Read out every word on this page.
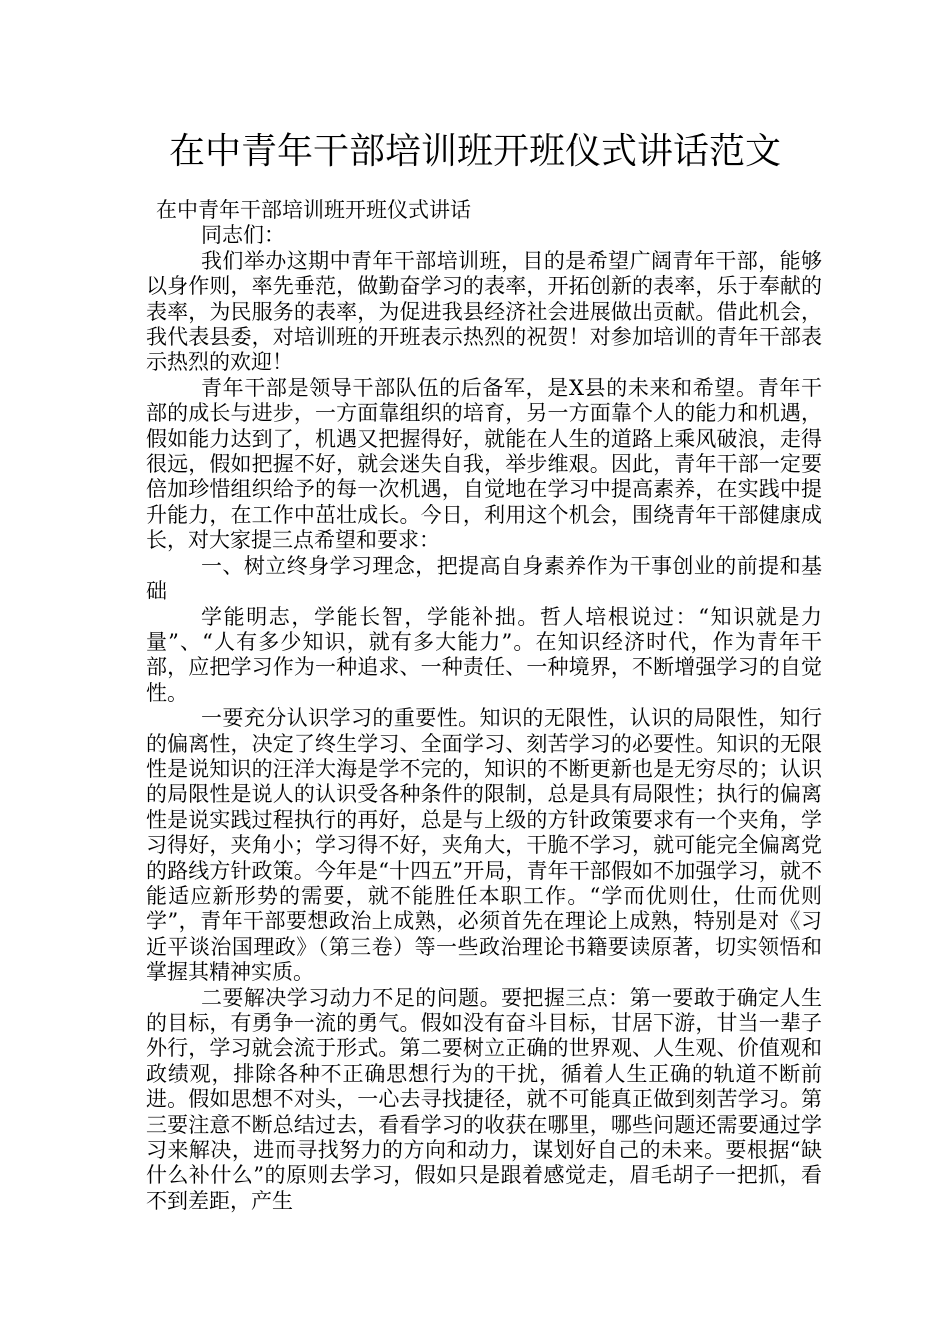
在中青年干部培训班开班仪式讲话范文

在中青年干部培训班开班仪式讲话

同志们：

我们举办这期中青年干部培训班，目的是希望广阔青年干部，能够以身作则，率先垂范，做勤奋学习的表率，开拓创新的表率，乐于奉献的表率，为民服务的表率，为促进我县经济社会进展做出贡献。借此机会，我代表县委，对培训班的开班表示热烈的祝贺！对参加培训的青年干部表示热烈的欢迎！

青年干部是领导干部队伍的后备军，是X县的未来和希望。青年干部的成长与进步，一方面靠组织的培育，另一方面靠个人的能力和机遇，假如能力达到了，机遇又把握得好，就能在人生的道路上乘风破浪，走得很远，假如把握不好，就会迷失自我，举步维艰。因此，青年干部一定要倍加珍惜组织给予的每一次机遇，自觉地在学习中提高素养，在实践中提升能力，在工作中茁壮成长。今日，利用这个机会，围绕青年干部健康成长，对大家提三点希望和要求：

一、树立终身学习理念，把提高自身素养作为干事创业的前提和基础

学能明志，学能长智，学能补拙。哲人培根说过：“知识就是力量”、“人有多少知识，就有多大能力”。在知识经济时代，作为青年干部，应把学习作为一种追求、一种责任、一种境界，不断增强学习的自觉性。

一要充分认识学习的重要性。知识的无限性，认识的局限性，知行的偏离性，决定了终生学习、全面学习、刻苦学习的必要性。知识的无限性是说知识的汪洋大海是学不完的，知识的不断更新也是无穷尽的；认识的局限性是说人的认识受各种条件的限制，总是具有局限性；执行的偏离性是说实践过程执行的再好，总是与上级的方针政策要求有一个夹角，学习得好，夹角小；学习得不好，夹角大，干脆不学习，就可能完全偏离党的路线方针政策。今年是“十四五”开局，青年干部假如不加强学习，就不能适应新形势的需要，就不能胜任本职工作。“学而优则仕，仕而优则学”，青年干部要想政治上成熟，必须首先在理论上成熟，特别是对《习近平谈治国理政》（第三卷）等一些政治理论书籍要读原著，切实领悟和掌握其精神实质。

二要解决学习动力不足的问题。要把握三点：第一要敢于确定人生的目标，有勇争一流的勇气。假如没有奋斗目标，甘居下游，甘当一辈子外行，学习就会流于形式。第二要树立正确的世界观、人生观、价值观和政绩观，排除各种不正确思想行为的干扰，循着人生正确的轨道不断前进。假如思想不对头，一心去寻找捷径，就不可能真正做到刻苦学习。第三要注意不断总结过去，看看学习的收获在哪里，哪些问题还需要通过学习来解决，进而寻找努力的方向和动力，谋划好自己的未来。要根据“缺什么补什么”的原则去学习，假如只是跟着感觉走，眉毛胡子一把抓，看不到差距，产生
